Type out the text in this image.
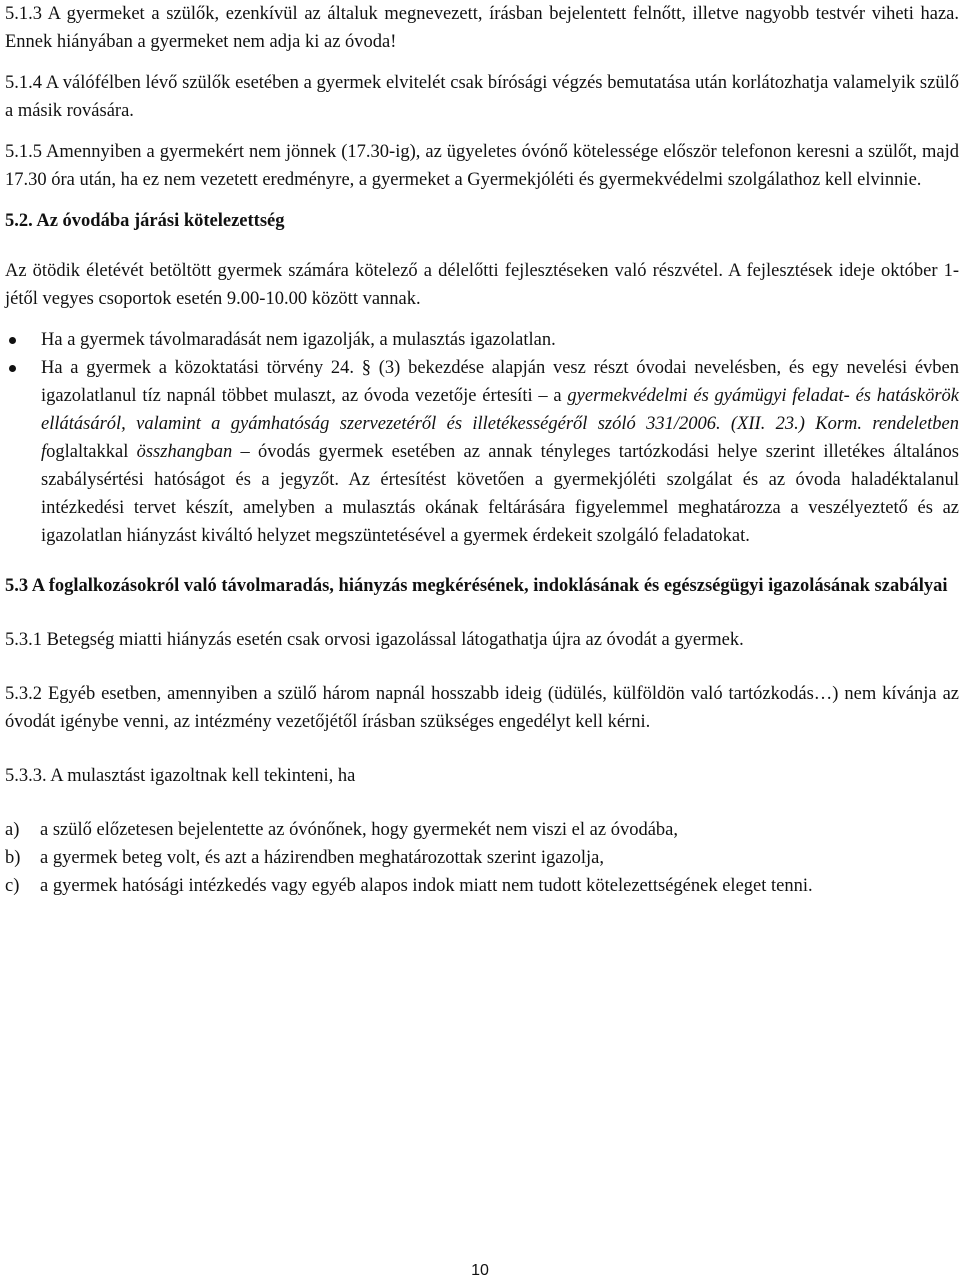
5.1.3 A gyermeket a szülők, ezenkívül az általuk megnevezett, írásban bejelentett felnőtt, illetve nagyobb testvér viheti haza. Ennek hiányában a gyermeket nem adja ki az óvoda!

5.1.4 A válófélben lévő szülők esetében a gyermek elvitelét csak bírósági végzés bemutatása után korlátozhatja valamelyik szülő a másik rovására.

5.1.5 Amennyiben a gyermekért nem jönnek (17.30-ig), az ügyeletes óvónő kötelessége először telefonon keresni a szülőt, majd 17.30 óra után, ha ez nem vezetett eredményre, a gyermeket a Gyermekjóléti és gyermekvédelmi szolgálathoz kell elvinnie.

5.2. Az óvodába járási kötelezettség

Az ötödik életévét betöltött gyermek számára kötelező a délelőtti fejlesztéseken való részvétel. A fejlesztések ideje október 1-jétől vegyes csoportok esetén 9.00-10.00 között vannak.

Ha a gyermek távolmaradását nem igazolják, a mulasztás igazolatlan.
Ha a gyermek a közoktatási törvény 24. § (3) bekezdése alapján vesz részt óvodai nevelésben, és egy nevelési évben igazolatlanul tíz napnál többet mulaszt, az óvoda vezetője értesíti – a gyermekvédelmi és gyámügyi feladat- és hatáskörök ellátásáról, valamint a gyámhatóság szervezetéről és illetékességéről szóló 331/2006. (XII. 23.) Korm. rendeletben foglaltakkal összhangban – óvodás gyermek esetében az annak tényleges tartózkodási helye szerint illetékes általános szabálysértési hatóságot és a jegyzőt. Az értesítést követően a gyermekjóléti szolgálat és az óvoda haladéktalanul intézkedési tervet készít, amelyben a mulasztás okának feltárására figyelemmel meghatározza a veszélyeztető és az igazolatlan hiányzást kiváltó helyzet megszüntetésével a gyermek érdekeit szolgáló feladatokat.

5.3 A foglalkozásokról való távolmaradás, hiányzás megkérésének, indoklásának és egészségügyi igazolásának szabályai

5.3.1 Betegség miatti hiányzás esetén csak orvosi igazolással látogathatja újra az óvodát a gyermek.

5.3.2 Egyéb esetben, amennyiben a szülő három napnál hosszabb ideig (üdülés, külföldön való tartózkodás…) nem kívánja az óvodát igénybe venni, az intézmény vezetőjétől írásban szükséges engedélyt kell kérni.

5.3.3. A mulasztást igazoltnak kell tekinteni, ha

a) a szülő előzetesen bejelentette az óvónőnek, hogy gyermekét nem viszi el az óvodába,
b) a gyermek beteg volt, és azt a házirendben meghatározottak szerint igazolja,
c) a gyermek hatósági intézkedés vagy egyéb alapos indok miatt nem tudott kötelezettségének eleget tenni.
10
